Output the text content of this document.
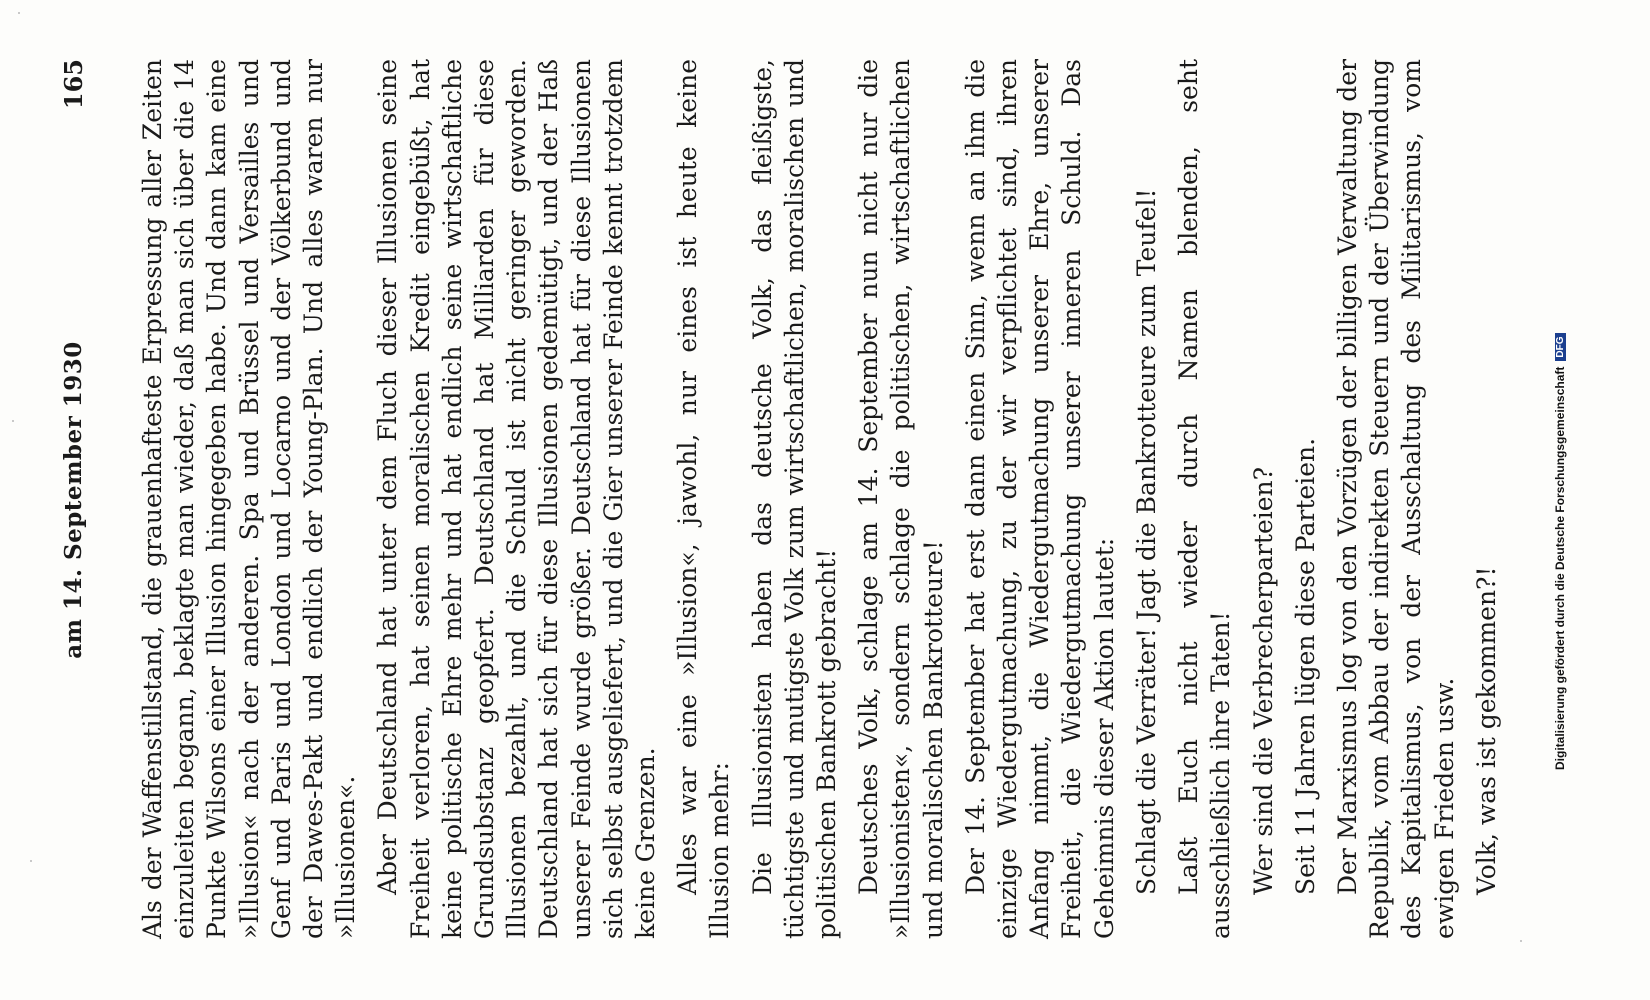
am 14. September 1930
165 Als der Waffenstillstand, die grauenhafteste Erpressung aller Zeiten einzuleiten begann, beklagte man wieder, daß man sich über die 14 Punkte Wilsons einer Illusion hingegeben habe. Und dann kam eine »Illusion« nach der anderen. Spa und Brüssel und Versailles und Genf und Paris und London und Locarno und der Völkerbund und der Dawes-Pakt und endlich der Young-Plan. Und alles waren nur »Illusionen«. Aber Deutschland hat unter dem Fluch dieser Illusionen seine Freiheit verloren, hat seinen moralischen Kredit eingebüßt, hat keine politische Ehre mehr und hat endlich seine wirtschaftliche Grundsubstanz geopfert. Deutschland hat Milliarden für diese Illusionen bezahlt, und die Schuld ist nicht geringer geworden. Deutschland hat sich für diese Illusionen gedemütigt, und der Haß unserer Feinde wurde größer. Deutschland hat für diese Illusionen sich selbst ausgeliefert, und die Gier unserer Feinde kennt trotzdem keine Grenzen. Alles war eine »Illusion«, jawohl, nur eines ist heute keine Illusion mehr: Die Illusionisten haben das deutsche Volk, das fleißigste, tüchtigste und mutigste Volk zum wirtschaftlichen, moralischen und politischen Bankrott gebracht! Deutsches Volk, schlage am 14. September nun nicht nur die »Illusionisten«, sondern schlage die politischen, wirtschaftlichen und moralischen Bankrotteure! Der 14. September hat erst dann einen Sinn, wenn an ihm die einzige Wiedergutmachung, zu der wir verpflichtet sind, ihren Anfang nimmt, die Wiedergutmachung unserer Ehre, unserer Freiheit, die Wiedergutmachung unserer inneren Schuld. Das Geheimnis dieser Aktion lautet: Schlagt die Verräter! Jagt die Bankrotteure zum Teufel! Laßt Euch nicht wieder durch Namen blenden, seht ausschließlich ihre Taten! Wer sind die Verbrecherparteien? Seit 11 Jahren lügen diese Parteien. Der Marxismus log von den Vorzügen der billigen Verwaltung der Republik, vom Abbau der indirekten Steuern und der Überwindung des Kapitalismus, von der Ausschaltung des Militarismus, vom ewigen Frieden usw. Volk, was ist gekommen?!	Digitalisierung gefördert durch die Deutsche ForschungsgemeinschaftDFG
